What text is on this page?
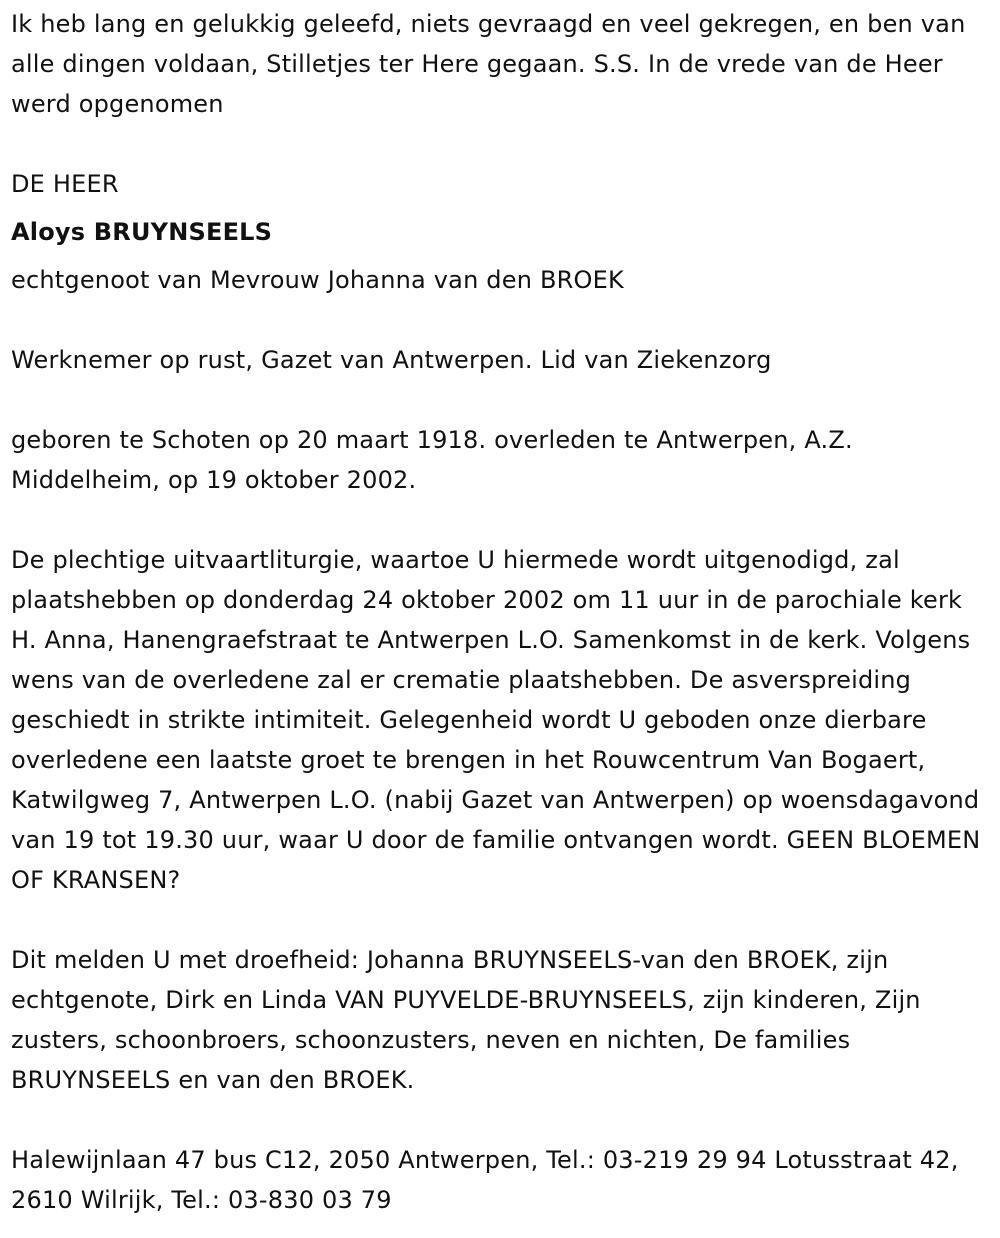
Ik heb lang en gelukkig geleefd, niets gevraagd en veel gekregen, en ben van alle dingen voldaan, Stilletjes ter Here gegaan. S.S. In de vrede van de Heer werd opgenomen

DE HEER

Aloys BRUYNSEELS

echtgenoot van Mevrouw Johanna van den BROEK

Werknemer op rust, Gazet van Antwerpen. Lid van Ziekenzorg

geboren te Schoten op 20 maart 1918. overleden te Antwerpen, A.Z. Middelheim, op 19 oktober 2002.

De plechtige uitvaartliturgie, waartoe U hiermede wordt uitgenodigd, zal plaatshebben op donderdag 24 oktober 2002 om 11 uur in de parochiale kerk H. Anna, Hanengraefstraat te Antwerpen L.O. Samenkomst in de kerk. Volgens wens van de overledene zal er crematie plaatshebben. De asverspreiding geschiedt in strikte intimiteit. Gelegenheid wordt U geboden onze dierbare overledene een laatste groet te brengen in het Rouwcentrum Van Bogaert, Katwilgweg 7, Antwerpen L.O. (nabij Gazet van Antwerpen) op woensdagavond van 19 tot 19.30 uur, waar U door de familie ontvangen wordt. GEEN BLOEMEN OF KRANSEN?

Dit melden U met droefheid: Johanna BRUYNSEELS-van den BROEK, zijn echtgenote, Dirk en Linda VAN PUYVELDE-BRUYNSEELS, zijn kinderen, Zijn zusters, schoonbroers, schoonzusters, neven en nichten, De families BRUYNSEELS en van den BROEK.

Halewijnlaan 47 bus C12, 2050 Antwerpen, Tel.: 03-219 29 94 Lotusstraat 42, 2610 Wilrijk, Tel.: 03-830 03 79
